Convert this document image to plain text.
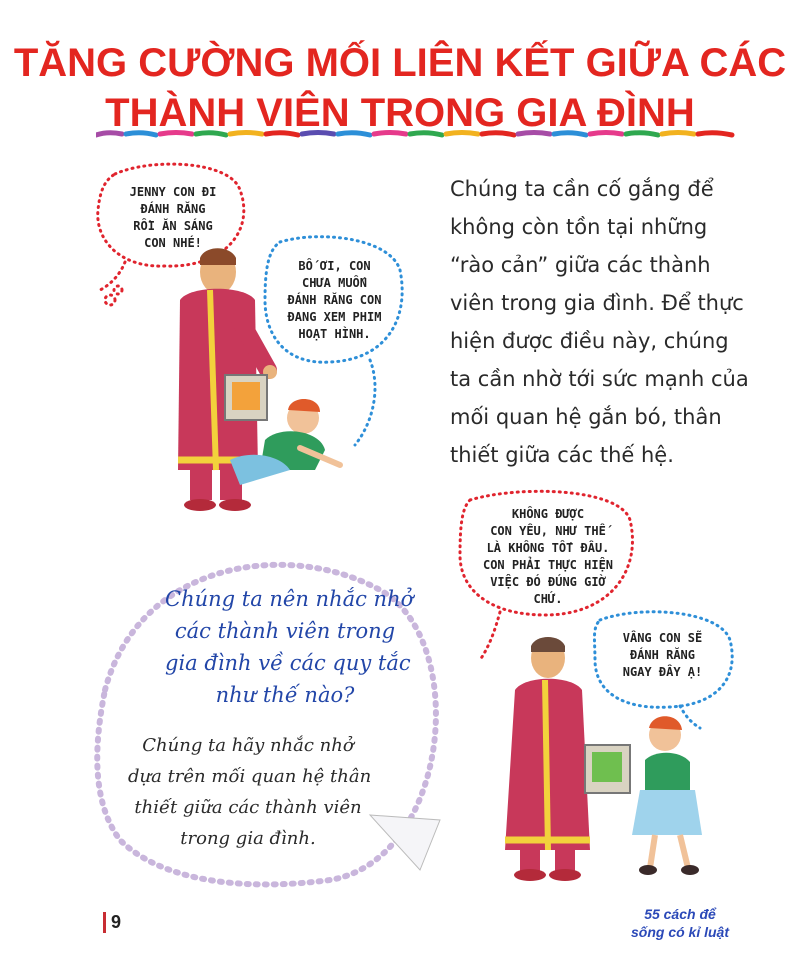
TĂNG CƯỜNG MỐI LIÊN KẾT GIỮA CÁC
THÀNH VIÊN TRONG GIA ĐÌNH
JENNY CON ĐI
ĐÁNH RĂNG
RỒI ĂN SÁNG
CON NHÉ!
BỐ ƠI, CON
CHƯA MUỐN
ĐÁNH RĂNG CON
ĐANG XEM PHIM
HOẠT HÌNH.
KHÔNG ĐƯỢC
CON YÊU, NHƯ THẾ
LÀ KHÔNG TỐT ĐÂU.
CON PHẢI THỰC HIỆN
VIỆC ĐÓ ĐÚNG GIỜ
CHỨ.
VÂNG CON SẼ
ĐÁNH RĂNG
NGAY ĐÂY Ạ!
Chúng ta cần cố gắng để
không còn tồn tại những
“rào cản” giữa các thành
viên trong gia đình. Để thực
hiện được điều này, chúng
ta cần nhờ tới sức mạnh của
mối quan hệ gắn bó, thân
thiết giữa các thế hệ.
Chúng ta nên nhắc nhở
các thành viên trong
gia đình về các quy tắc
như thế nào?
Chúng ta hãy nhắc nhở
dựa trên mối quan hệ thân
thiết giữa các thành viên
trong gia đình.
9	55 cách để
sống có kỉ luật
